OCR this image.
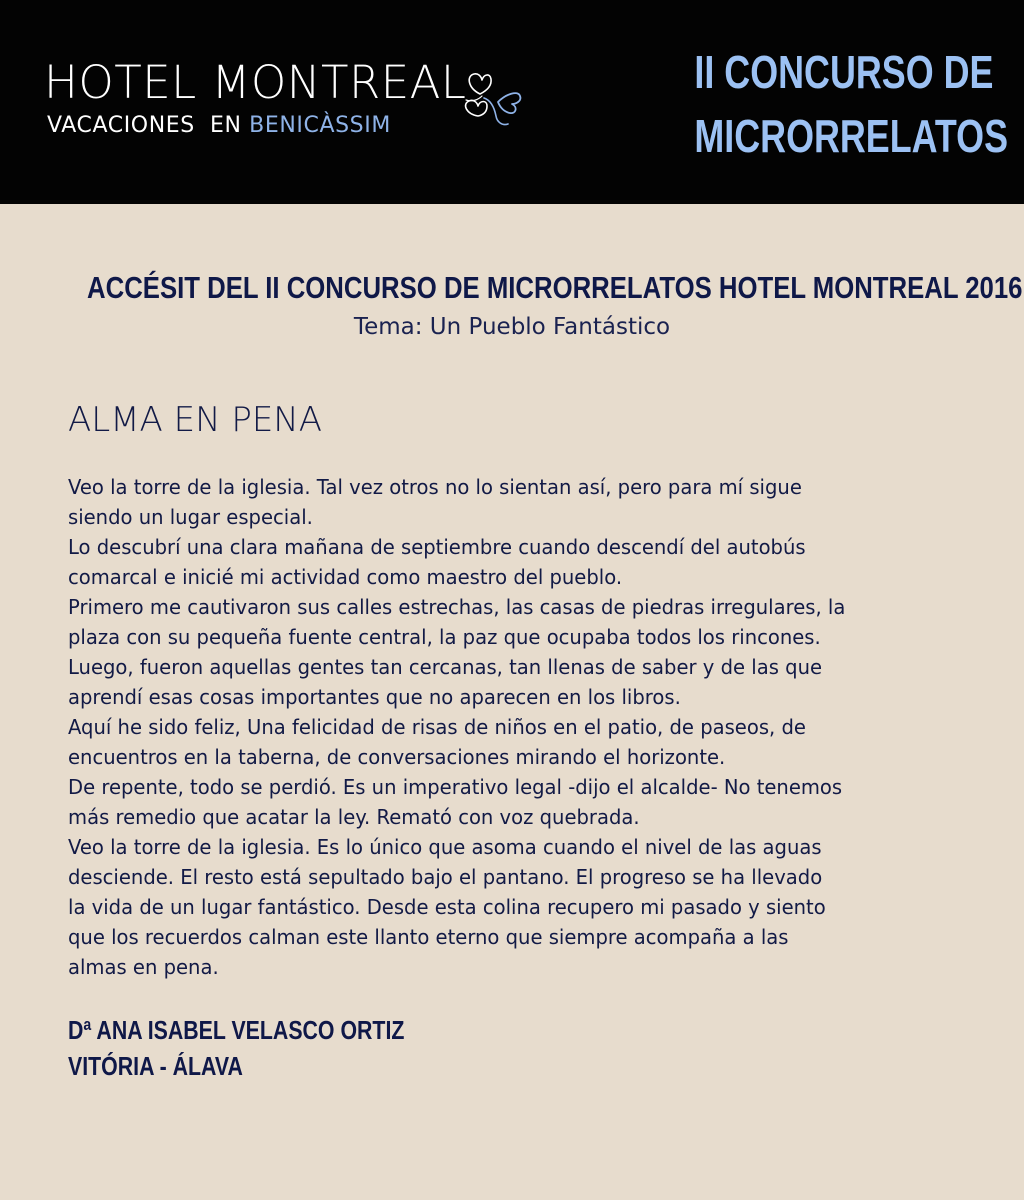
HOTEL MONTREAL
VACACIONES  EN BENICÀSSIM
II CONCURSO DE
MICRORRELATOS
ACCÉSIT DEL II CONCURSO DE MICRORRELATOS HOTEL MONTREAL 2016
Tema: Un Pueblo Fantástico
ALMA EN PENA
Veo la torre de la iglesia. Tal vez otros no lo sientan así, pero para mí sigue
siendo un lugar especial.
Lo descubrí una clara mañana de septiembre cuando descendí del autobús
comarcal e inicié mi actividad como maestro del pueblo.
Primero me cautivaron sus calles estrechas, las casas de piedras irregulares, la
plaza con su pequeña fuente central, la paz que ocupaba todos los rincones.
Luego, fueron aquellas gentes tan cercanas, tan llenas de saber y de las que
aprendí esas cosas importantes que no aparecen en los libros.
Aquí he sido feliz, Una felicidad de risas de niños en el patio, de paseos, de
encuentros en la taberna, de conversaciones mirando el horizonte.
De repente, todo se perdió. Es un imperativo legal -dijo el alcalde- No tenemos
más remedio que acatar la ley. Remató con voz quebrada.
Veo la torre de la iglesia. Es lo único que asoma cuando el nivel de las aguas
desciende. El resto está sepultado bajo el pantano. El progreso se ha llevado
la vida de un lugar fantástico. Desde esta colina recupero mi pasado y siento
que los recuerdos calman este llanto eterno que siempre acompaña a las
almas en pena.
Dª ANA ISABEL VELASCO ORTIZ
VITÓRIA - ÁLAVA
